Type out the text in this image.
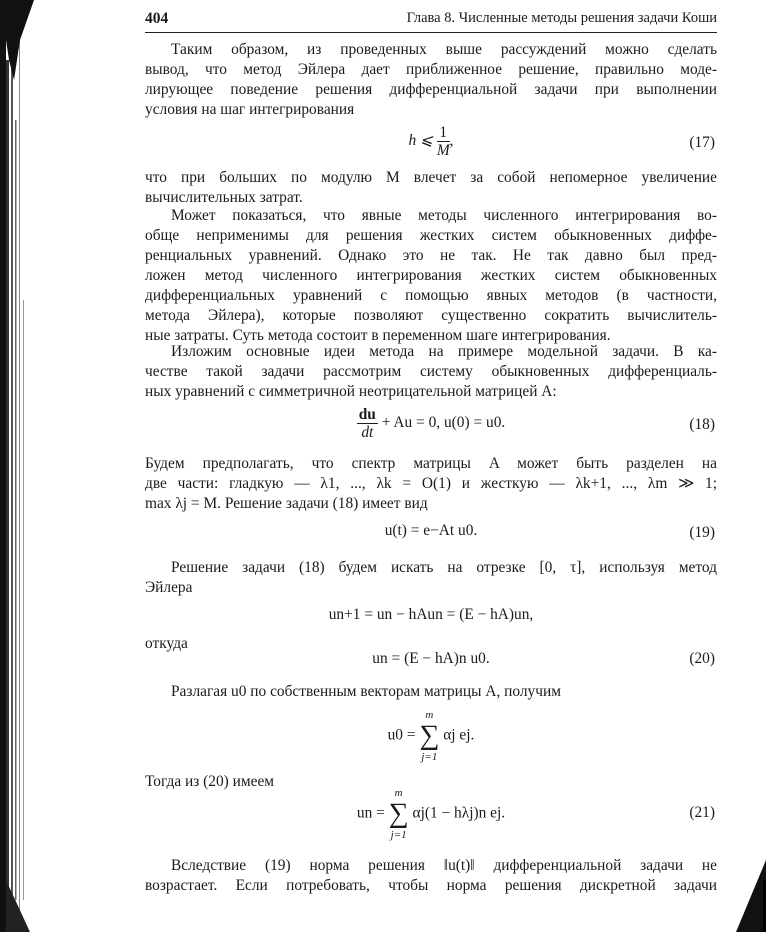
404	Глава 8. Численные методы решения задачи Коши
Таким образом, из проведенных выше рассуждений можно сделать
вывод, что метод Эйлера дает приближенное решение, правильно моде-
лирующее поведение решения дифференциальной задачи при выполнении
условия на шаг интегрирования
h ⩽ $\frac{1}{M}$ ,	(17)
что при больших по модулю M влечет за собой непомерное увеличение
вычислительных затрат.
Может показаться, что явные методы численного интегрирования во-
обще неприменимы для решения жестких систем обыкновенных диффе-
ренциальных уравнений. Однако это не так. Не так давно был пред-
ложен метод численного интегрирования жестких систем обыкновенных
дифференциальных уравнений с помощью явных методов (в частности,
метода Эйлера), которые позволяют существенно сократить вычислитель-
ные затраты. Суть метода состоит в переменном шаге интегрирования.
Изложим основные идеи метода на примере модельной задачи. В ка-
честве такой задачи рассмотрим систему обыкновенных дифференциаль-
ных уравнений с симметричной неотрицательной матрицей A:
$\frac{du}{dt} + Au = 0$, u(0) = u0.	(18)
Будем предполагать, что спектр матрицы A может быть разделен на
две части: гладкую — λ1, ..., λk = O(1) и жесткую — λk+1, ..., λm ≫ 1;
max λj = M. Решение задачи (18) имеет вид
u(t) = e−At u0.	(19)
Решение задачи (18) будем искать на отрезке [0, τ], используя метод
Эйлера
un+1 = un − hAun = (E − hA)un,
откуда
un = (E − hA)n u0.	(20)
Разлагая u0 по собственным векторам матрицы A, получим
u0 =
m
∑
j=1
αj ej.
Тогда из (20) имеем
un =
m
∑
j=1
αj(1 − hλj)n ej.	(21)
Вследствие (19) норма решения ‖u(t)‖ дифференциальной задачи не
возрастает. Если потребовать, чтобы норма решения дискретной задачи
